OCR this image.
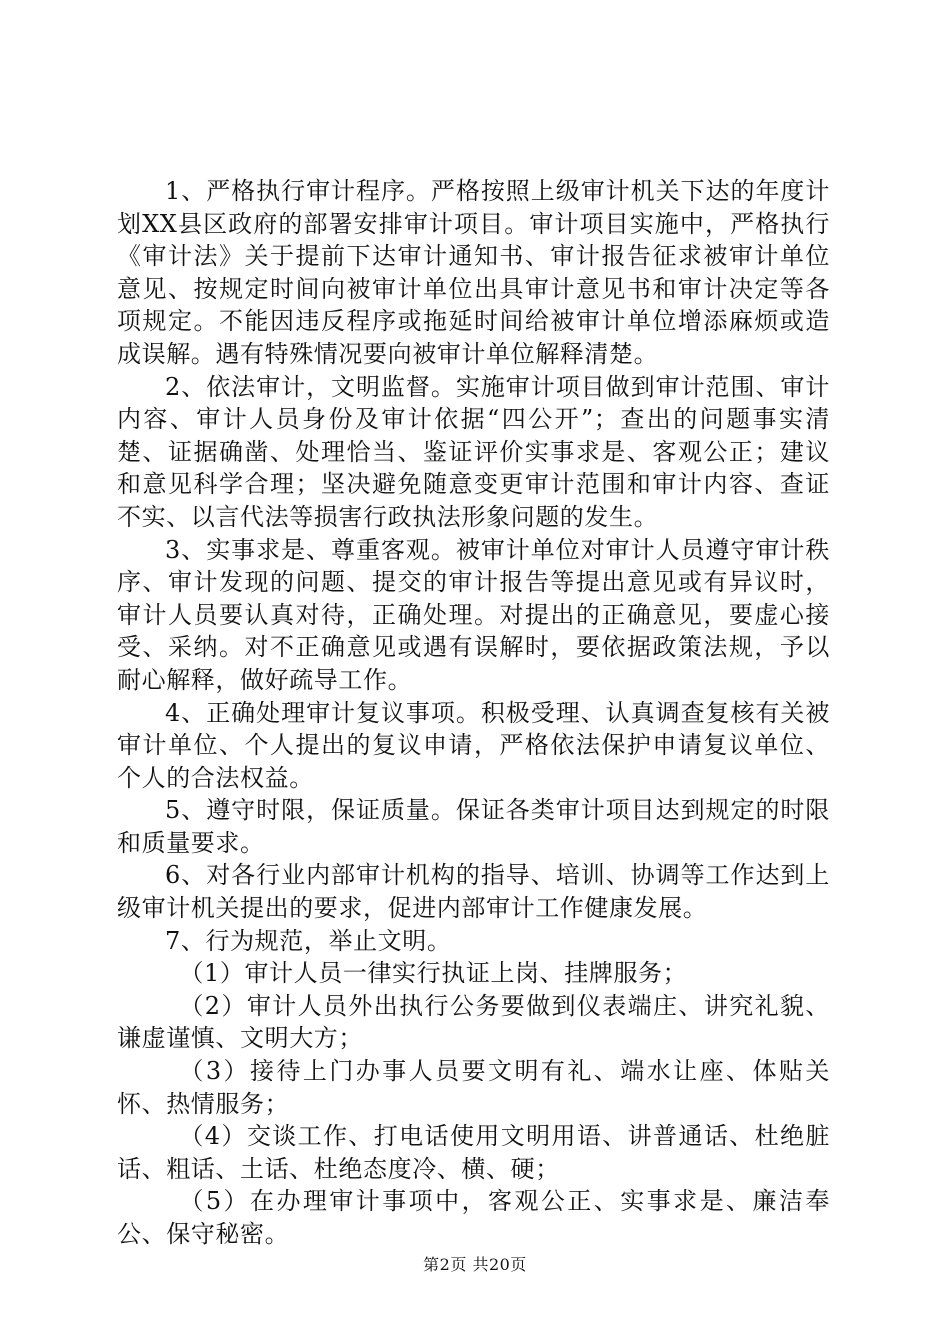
1、严格执行审计程序。严格按照上级审计机关下达的年度计划XX县区政府的部署安排审计项目。审计项目实施中，严格执行《审计法》关于提前下达审计通知书、审计报告征求被审计单位意见、按规定时间向被审计单位出具审计意见书和审计决定等各项规定。不能因违反程序或拖延时间给被审计单位增添麻烦或造成误解。遇有特殊情况要向被审计单位解释清楚。

2、依法审计，文明监督。实施审计项目做到审计范围、审计内容、审计人员身份及审计依据“四公开”；查出的问题事实清楚、证据确凿、处理恰当、鉴证评价实事求是、客观公正；建议和意见科学合理；坚决避免随意变更审计范围和审计内容、查证不实、以言代法等损害行政执法形象问题的发生。

3、实事求是、尊重客观。被审计单位对审计人员遵守审计秩序、审计发现的问题、提交的审计报告等提出意见或有异议时，审计人员要认真对待，正确处理。对提出的正确意见，要虚心接受、采纳。对不正确意见或遇有误解时，要依据政策法规，予以耐心解释，做好疏导工作。

4、正确处理审计复议事项。积极受理、认真调查复核有关被审计单位、个人提出的复议申请，严格依法保护申请复议单位、个人的合法权益。

5、遵守时限，保证质量。保证各类审计项目达到规定的时限和质量要求。

6、对各行业内部审计机构的指导、培训、协调等工作达到上级审计机关提出的要求，促进内部审计工作健康发展。

7、行为规范，举止文明。

（1）审计人员一律实行执证上岗、挂牌服务；

（2）审计人员外出执行公务要做到仪表端庄、讲究礼貌、谦虚谨慎、文明大方；

（3）接待上门办事人员要文明有礼、端水让座、体贴关怀、热情服务；

（4）交谈工作、打电话使用文明用语、讲普通话、杜绝脏话、粗话、土话、杜绝态度冷、横、硬；

（5）在办理审计事项中，客观公正、实事求是、廉洁奉公、保守秘密。

第2页 共20页
